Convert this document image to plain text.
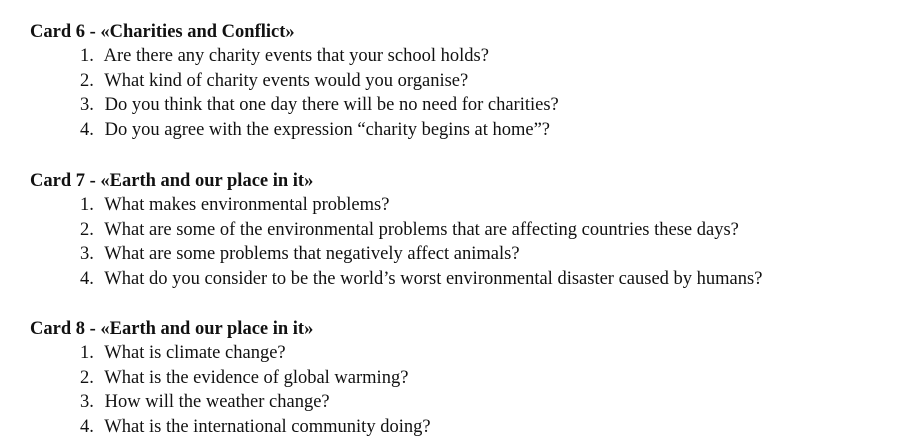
Card 6 - «Charities and Conflict»
1. Are there any charity events that your school holds?
2. What kind of charity events would you organise?
3. Do you think that one day there will be no need for charities?
4. Do you agree with the expression “charity begins at home”?
Card 7 - «Earth and our place in it»
1. What makes environmental problems?
2. What are some of the environmental problems that are affecting countries these days?
3. What are some problems that negatively affect animals?
4. What do you consider to be the world’s worst environmental disaster caused by humans?
Card 8 - «Earth and our place in it»
1. What is climate change?
2. What is the evidence of global warming?
3. How will the weather change?
4. What is the international community doing?
